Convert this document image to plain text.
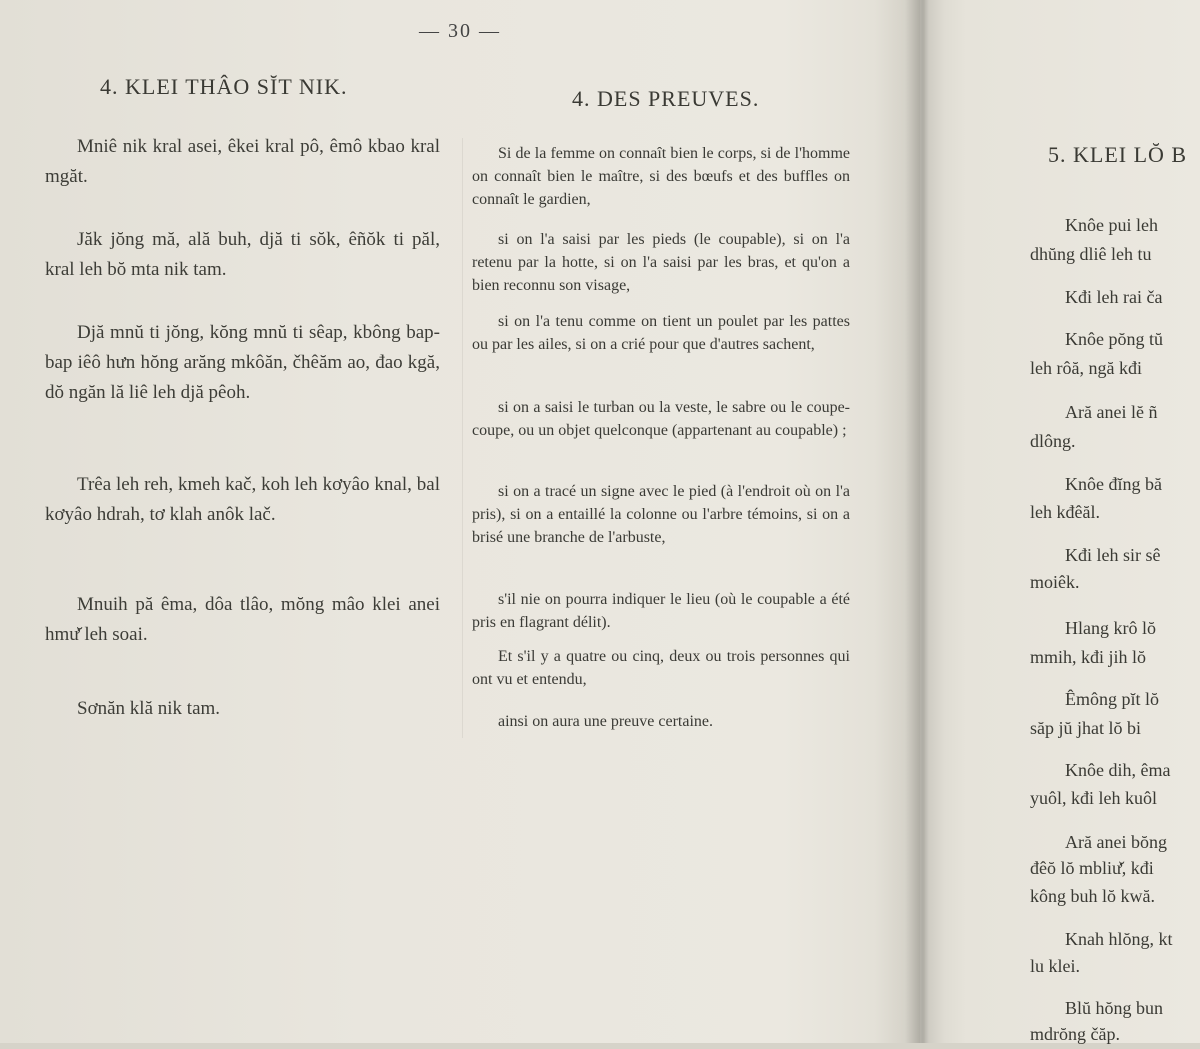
— 30 —
4. KLEI THÂO SĬT NIK.
Mniê nik kral asei, êkei kral pô, êmô kbao kral mgăt.
Jăk jŏng mă, ală buh, djă ti sŏk, êñŏk ti păl, kral leh bŏ mta nik tam.
Djă mnŭ ti jŏng, kŏng mnŭ ti sêap, kbông bap-bap iêô hưn hŏng arăng mkôăn, čhêăm ao, đao kgă, dŏ ngăn lă liê leh djă pêoh.
Trêa leh reh, kmeh kač, koh leh kơyâo knal, bal kơyâo hdrah, tơ klah anôk lač.
Mnuih pă êma, dôa tlâo, mŏng mâo klei anei hmư̆ leh soai.
Sơnăn klă nik tam.
4. DES PREUVES.
Si de la femme on connaît bien le corps, si de l'homme on connaît bien le maître, si des bœufs et des buffles on connaît le gardien,
si on l'a saisi par les pieds (le coupable), si on l'a retenu par la hotte, si on l'a saisi par les bras, et qu'on a bien reconnu son visage,
si on l'a tenu comme on tient un poulet par les pattes ou par les ailes, si on a crié pour que d'autres sachent,
si on a saisi le turban ou la veste, le sabre ou le coupe-coupe, ou un objet quelconque (appartenant au coupable) ;
si on a tracé un signe avec le pied (à l'endroit où on l'a pris), si on a entaillé la colonne ou l'arbre témoins, si on a brisé une branche de l'arbuste,
s'il nie on pourra indiquer le lieu (où le coupable a été pris en flagrant délit).
Et s'il y a quatre ou cinq, deux ou trois personnes qui ont vu et entendu,
ainsi on aura une preuve certaine.
5. KLEI LŎ B
Knôe pui leh
dhŭng dliê leh tu
Kđi leh rai ča
Knôe pŏng tŭ
leh rôă, ngă kđi
Ară anei lĕ ñ
dlông.
Knôe đĭng bă
leh kđêăl.
Kđi leh sir sê
moiêk.
Hlang krô lŏ
mmih, kđi jih lŏ
Êmông pĭt lŏ
săp jŭ jhat lŏ bi
Knôe dih, êma
yuôl, kđi leh kuôl
Ară anei bŏng
đêŏ lŏ mbliư̆, kđi
kông buh lŏ kwă.
Knah hlŏng, kt
lu klei.
Blŭ hŏng bun
mdrŏng čăp.
